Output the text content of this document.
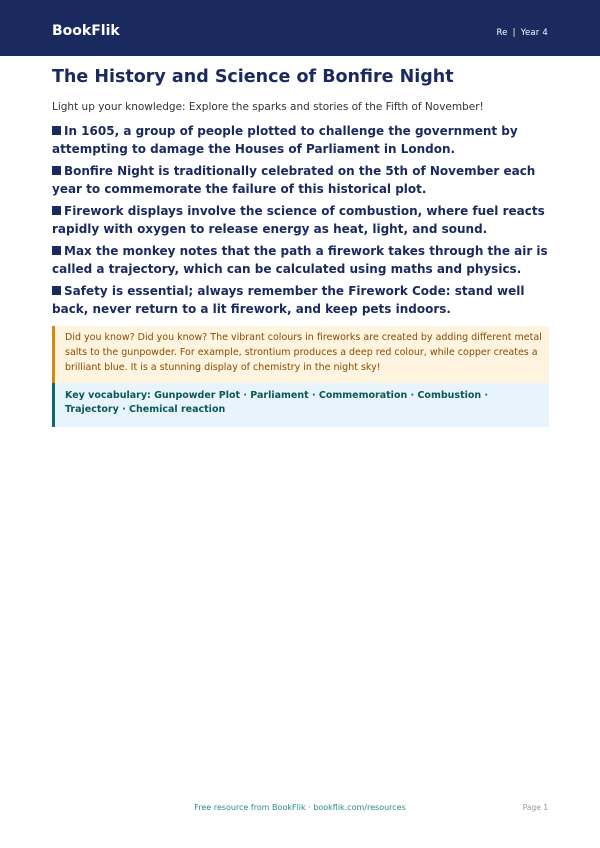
BookFlik	Re | Year 4
The History and Science of Bonfire Night
Light up your knowledge: Explore the sparks and stories of the Fifth of November!
In 1605, a group of people plotted to challenge the government by attempting to damage the Houses of Parliament in London.
Bonfire Night is traditionally celebrated on the 5th of November each year to commemorate the failure of this historical plot.
Firework displays involve the science of combustion, where fuel reacts rapidly with oxygen to release energy as heat, light, and sound.
Max the monkey notes that the path a firework takes through the air is called a trajectory, which can be calculated using maths and physics.
Safety is essential; always remember the Firework Code: stand well back, never return to a lit firework, and keep pets indoors.
Did you know? Did you know? The vibrant colours in fireworks are created by adding different metal salts to the gunpowder. For example, strontium produces a deep red colour, while copper creates a brilliant blue. It is a stunning display of chemistry in the night sky!
Key vocabulary: Gunpowder Plot · Parliament · Commemoration · Combustion · Trajectory · Chemical reaction
Free resource from BookFlik · bookflik.com/resources	Page 1
